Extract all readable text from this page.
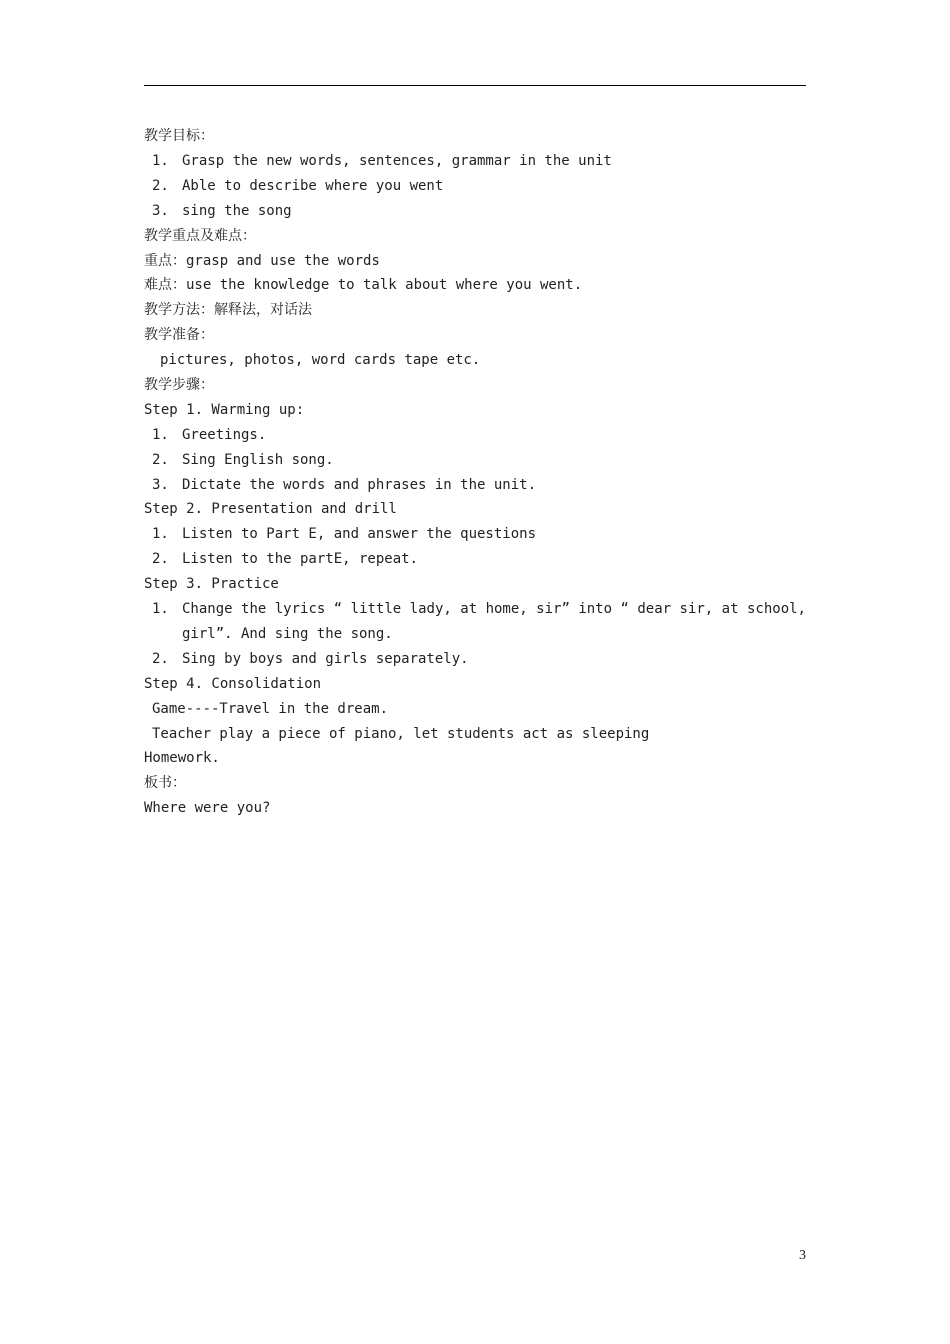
教学目标：
1. Grasp the new words, sentences, grammar in the unit
2. Able to describe where you went
3. sing the song
教学重点及难点：
重点：grasp and use the words
难点：use the knowledge to talk about where you went.
教学方法：解释法，对话法
教学准备：
pictures, photos, word cards tape etc.
教学步骤：
Step 1. Warming up:
1. Greetings.
2. Sing English song.
3. Dictate the words and phrases in the unit.
Step 2. Presentation and drill
1. Listen to Part E, and answer the questions
2. Listen to the partE, repeat.
Step 3. Practice
1. Change the lyrics “ little lady, at home, sir” into “ dear sir, at school, girl”. And sing the song.
2. Sing by boys and girls separately.
Step 4. Consolidation
Game----Travel in the dream.
Teacher play a piece of piano, let students act as sleeping
Homework.
板书：
Where were you?
3
